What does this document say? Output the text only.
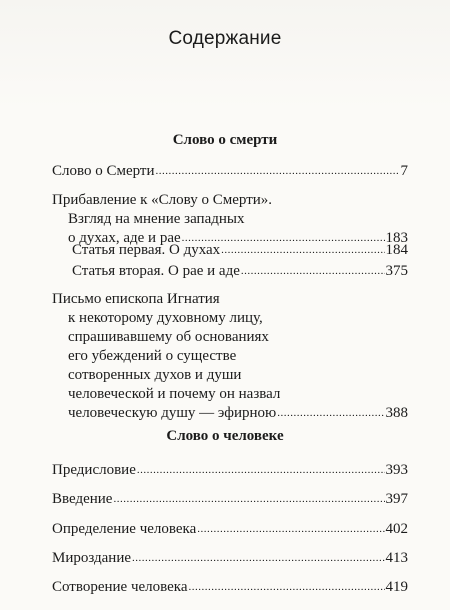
Содержание
Слово о смерти
Слово о Смерти .....	7
Прибавление к «Слову о Смерти».
Взгляд на мнение западных
о духах, аде и рае .....	183
Статья первая. О духах .....	184
Статья вторая. О рае и аде .....	375
Письмо епископа Игнатия
к некоторому духовному лицу,
спрашивавшему об основаниях
его убеждений о существе
сотворенных духов и души
человеческой и почему он назвал
человеческую душу — эфирною .....	388
Слово о человеке
Предисловие .....	393
Введение .....	397
Определение человека .....	402
Мироздание .....	413
Сотворение человека .....	419
